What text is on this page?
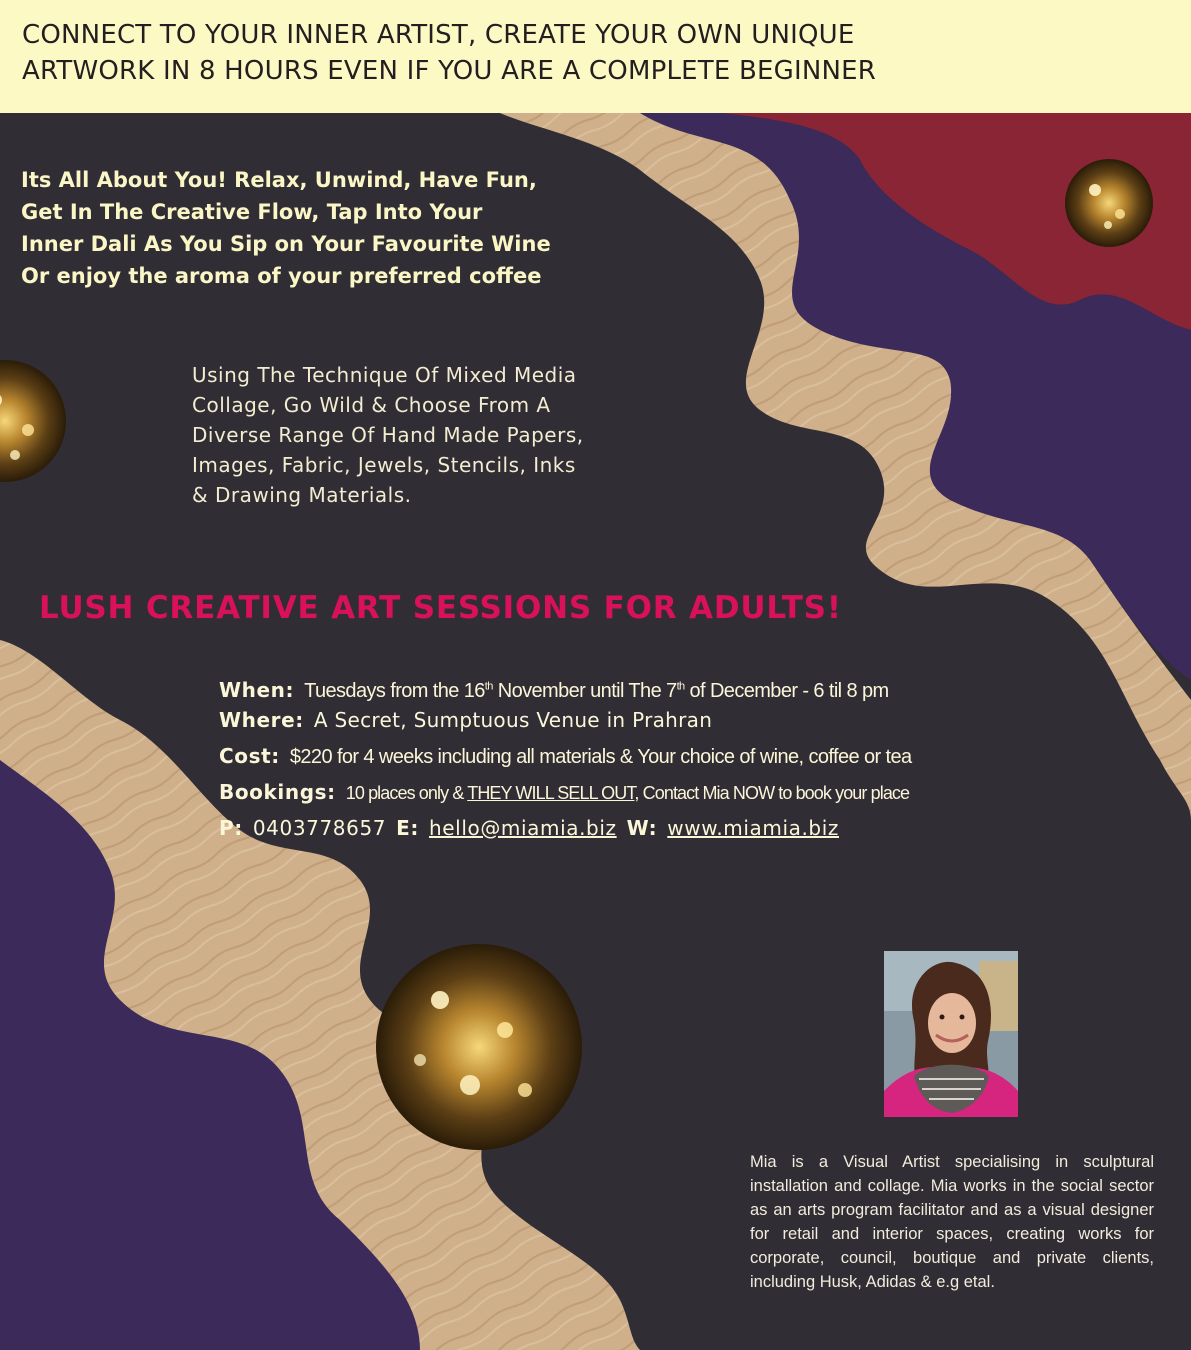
CONNECT TO YOUR INNER ARTIST, CREATE YOUR OWN UNIQUE
ARTWORK IN 8 HOURS EVEN IF YOU ARE A COMPLETE BEGINNER
Its All About You! Relax, Unwind, Have Fun,
Get In The Creative Flow, Tap Into Your
Inner Dali As You Sip on Your Favourite Wine
Or enjoy the aroma of your preferred coffee
Using The Technique Of Mixed Media
Collage, Go Wild & Choose From A
Diverse Range Of Hand Made Papers,
Images, Fabric, Jewels, Stencils, Inks
& Drawing Materials.
LUSH CREATIVE ART SESSIONS FOR ADULTS!
When: Tuesdays from the 16th November until The 7th of December - 6 til 8 pm
Where: A Secret, Sumptuous Venue in Prahran
Cost: $220 for 4 weeks including all materials & Your choice of wine, coffee or tea
Bookings: 10 places only & THEY WILL SELL OUT, Contact Mia NOW to book your place
P: 0403778657 E: hello@miamia.biz W: www.miamia.biz
Mia is a Visual Artist specialising in sculptural installation and collage. Mia works in the social sector as an arts program facilitator and as a visual designer for retail and interior spaces, creating works for corporate, council, boutique and private clients, including Husk, Adidas & e.g etal.
